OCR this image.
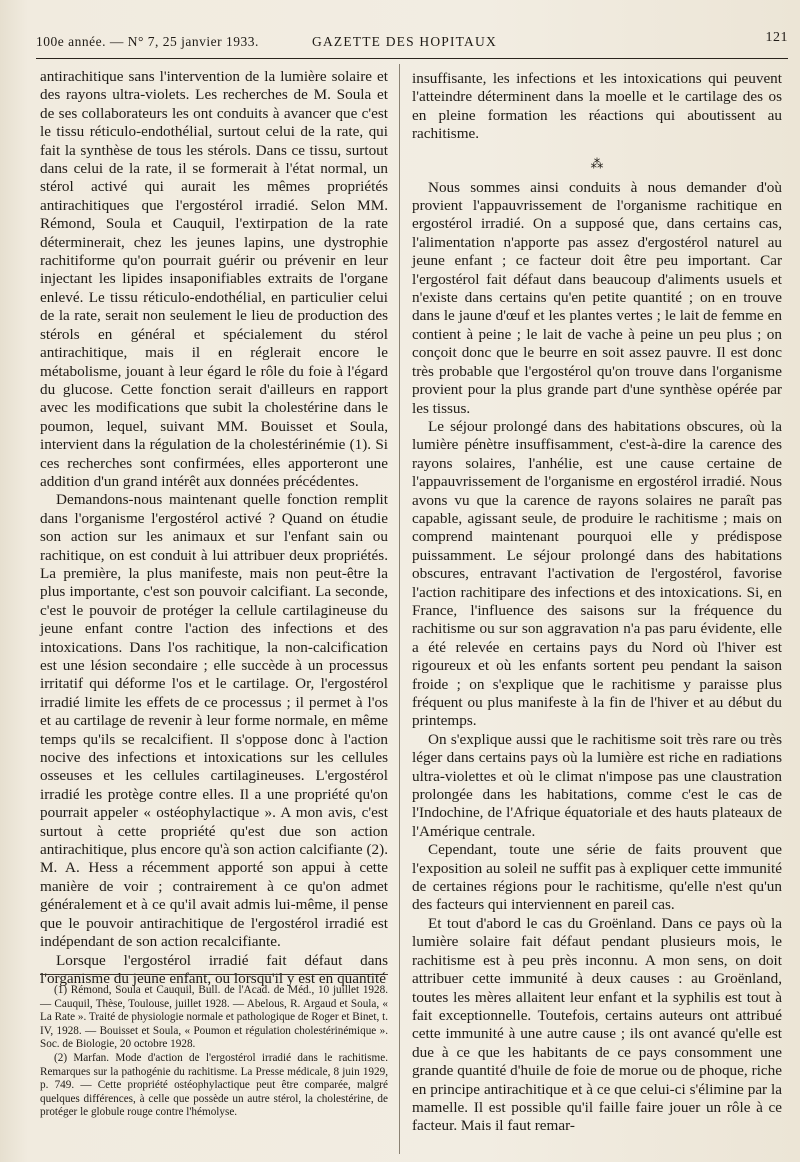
100e année. — N° 7, 25 janvier 1933.	GAZETTE DES HOPITAUX	121

antirachitique sans l'intervention de la lumière solaire et des rayons ultra-violets. Les recherches de M. Soula et de ses collaborateurs les ont conduits à avancer que c'est le tissu réticulo-endothélial, surtout celui de la rate, qui fait la synthèse de tous les stérols. Dans ce tissu, surtout dans celui de la rate, il se formerait à l'état normal, un stérol activé qui aurait les mêmes propriétés antirachitiques que l'ergostérol irradié. Selon MM. Rémond, Soula et Cauquil, l'extirpation de la rate déterminerait, chez les jeunes lapins, une dystrophie rachitiforme qu'on pourrait guérir ou prévenir en leur injectant les lipides insaponifiables extraits de l'organe enlevé. Le tissu réticulo-endothélial, en particulier celui de la rate, serait non seulement le lieu de production des stérols en général et spécialement du stérol antirachitique, mais il en réglerait encore le métabolisme, jouant à leur égard le rôle du foie à l'égard du glucose. Cette fonction serait d'ailleurs en rapport avec les modifications que subit la cholestérine dans le poumon, lequel, suivant MM. Bouisset et Soula, intervient dans la régulation de la cholestérinémie (1). Si ces recherches sont confirmées, elles apporteront une addition d'un grand intérêt aux données précédentes.

Demandons-nous maintenant quelle fonction remplit dans l'organisme l'ergostérol activé ? Quand on étudie son action sur les animaux et sur l'enfant sain ou rachitique, on est conduit à lui attribuer deux propriétés. La première, la plus manifeste, mais non peut-être la plus importante, c'est son pouvoir calcifiant. La seconde, c'est le pouvoir de protéger la cellule cartilagineuse du jeune enfant contre l'action des infections et des intoxications. Dans l'os rachitique, la non-calcification est une lésion secondaire ; elle succède à un processus irritatif qui déforme l'os et le cartilage. Or, l'ergostérol irradié limite les effets de ce processus ; il permet à l'os et au cartilage de revenir à leur forme normale, en même temps qu'ils se recalcifient. Il s'oppose donc à l'action nocive des infections et intoxications sur les cellules osseuses et les cellules cartilagineuses. L'ergostérol irradié les protège contre elles. Il a une propriété qu'on pourrait appeler « ostéophylactique ». A mon avis, c'est surtout à cette propriété qu'est due son action antirachitique, plus encore qu'à son action calcifiante (2). M. A. Hess a récemment apporté son appui à cette manière de voir ; contrairement à ce qu'on admet généralement et à ce qu'il avait admis lui-même, il pense que le pouvoir antirachitique de l'ergostérol irradié est indépendant de son action recalcifiante.

Lorsque l'ergostérol irradié fait défaut dans l'organisme du jeune enfant, ou lorsqu'il y est en quantité

(1) Rémond, Soula et Cauquil, Bull. de l'Acad. de Méd., 10 juillet 1928. — Cauquil, Thèse, Toulouse, juillet 1928. — Abelous, R. Argaud et Soula, « La Rate ». Traité de physiologie normale et pathologique de Roger et Binet, t. IV, 1928. — Bouisset et Soula, « Poumon et régulation cholestérinémique ». Soc. de Biologie, 20 octobre 1928.

(2) Marfan. Mode d'action de l'ergostérol irradié dans le rachitisme. Remarques sur la pathogénie du rachitisme. La Presse médicale, 8 juin 1929, p. 749. — Cette propriété ostéophylactique peut être comparée, malgré quelques différences, à celle que possède un autre stérol, la cholestérine, de protéger le globule rouge contre l'hémolyse.

insuffisante, les infections et les intoxications qui peuvent l'atteindre déterminent dans la moelle et le cartilage des os en pleine formation les réactions qui aboutissent au rachitisme.

⁂

Nous sommes ainsi conduits à nous demander d'où provient l'appauvrissement de l'organisme rachitique en ergostérol irradié. On a supposé que, dans certains cas, l'alimentation n'apporte pas assez d'ergostérol naturel au jeune enfant ; ce facteur doit être peu important. Car l'ergostérol fait défaut dans beaucoup d'aliments usuels et n'existe dans certains qu'en petite quantité ; on en trouve dans le jaune d'œuf et les plantes vertes ; le lait de femme en contient à peine ; le lait de vache à peine un peu plus ; on conçoit donc que le beurre en soit assez pauvre. Il est donc très probable que l'ergostérol qu'on trouve dans l'organisme provient pour la plus grande part d'une synthèse opérée par les tissus.

Le séjour prolongé dans des habitations obscures, où la lumière pénètre insuffisamment, c'est-à-dire la carence des rayons solaires, l'anhélie, est une cause certaine de l'appauvrissement de l'organisme en ergostérol irradié. Nous avons vu que la carence de rayons solaires ne paraît pas capable, agissant seule, de produire le rachitisme ; mais on comprend maintenant pourquoi elle y prédispose puissamment. Le séjour prolongé dans des habitations obscures, entravant l'activation de l'ergostérol, favorise l'action rachitipare des infections et des intoxications. Si, en France, l'influence des saisons sur la fréquence du rachitisme ou sur son aggravation n'a pas paru évidente, elle a été relevée en certains pays du Nord où l'hiver est rigoureux et où les enfants sortent peu pendant la saison froide ; on s'explique que le rachitisme y paraisse plus fréquent ou plus manifeste à la fin de l'hiver et au début du printemps.

On s'explique aussi que le rachitisme soit très rare ou très léger dans certains pays où la lumière est riche en radiations ultra-violettes et où le climat n'impose pas une claustration prolongée dans les habitations, comme c'est le cas de l'Indochine, de l'Afrique équatoriale et des hauts plateaux de l'Amérique centrale.

Cependant, toute une série de faits prouvent que l'exposition au soleil ne suffit pas à expliquer cette immunité de certaines régions pour le rachitisme, qu'elle n'est qu'un des facteurs qui interviennent en pareil cas.

Et tout d'abord le cas du Groënland. Dans ce pays où la lumière solaire fait défaut pendant plusieurs mois, le rachitisme est à peu près inconnu. A mon sens, on doit attribuer cette immunité à deux causes : au Groënland, toutes les mères allaitent leur enfant et la syphilis est tout à fait exceptionnelle. Toutefois, certains auteurs ont attribué cette immunité à une autre cause ; ils ont avancé qu'elle est due à ce que les habitants de ce pays consomment une grande quantité d'huile de foie de morue ou de phoque, riche en principe antirachitique et à ce que celui-ci s'élimine par la mamelle. Il est possible qu'il faille faire jouer un rôle à ce facteur. Mais il faut remar-
